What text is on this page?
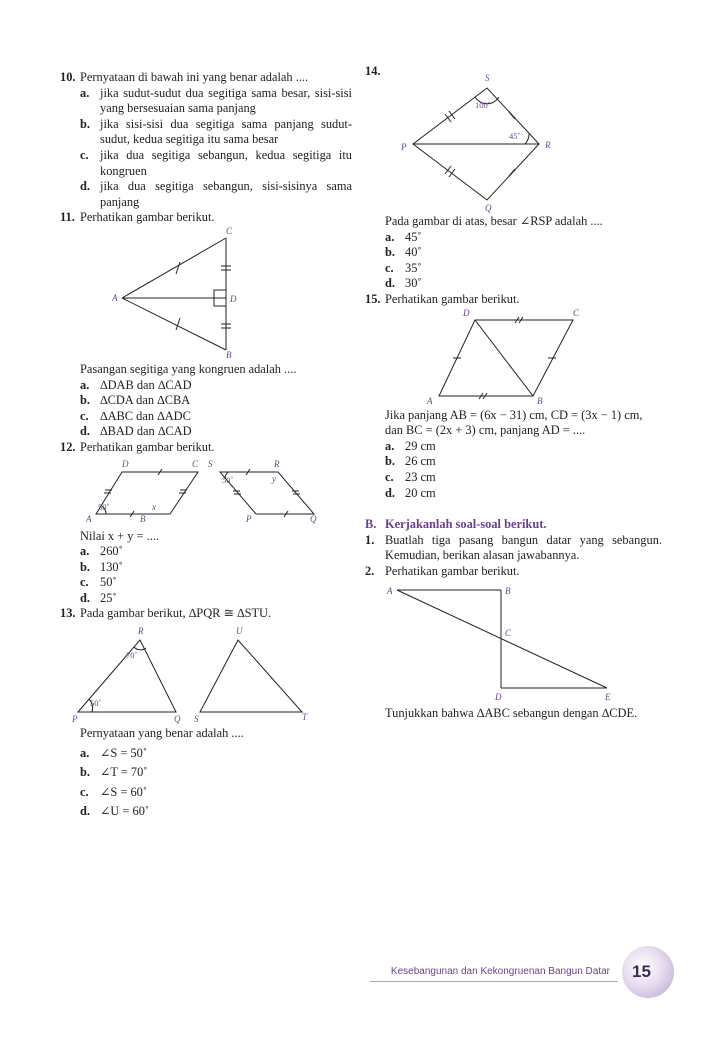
10. Pernyataan di bawah ini yang benar adalah ....
a. jika sudut-sudut dua segitiga sama besar, sisi-sisi yang bersesuaian sama panjang
b. jika sisi-sisi dua segitiga sama panjang sudut-sudut, kedua segitiga itu sama besar
c. jika dua segitiga sebangun, kedua segitiga itu kongruen
d. jika dua segitiga sebangun, sisi-sisinya sama panjang
11. Perhatikan gambar berikut.
C
A	D
B
Pasangan segitiga yang kongruen adalah ....
a. ∆DAB dan ∆CAD
b. ∆CDA dan ∆CBA
c. ∆ABC dan ∆ADC
d. ∆BAD dan ∆CAD
12. Perhatikan gambar berikut.
D	C
A	B
50˚	x
S	R
50˚	y
P	Q
Nilai x + y = ....
a. 260˚
b. 130˚
c. 50˚
d. 25˚
13. Pada gambar berikut, ∆PQR ≅ ∆STU.
R	U
70˚
50˚
P	Q S	T
Pernyataan yang benar adalah ....
a. ∠S = 50˚
b. ∠T = 70˚
c. ∠S = 60˚
d. ∠U = 60˚
14.	S
100˚
P
45˚
R
Q
Pada gambar di atas, besar ∠RSP adalah ....
a. 45˚
b. 40˚
c. 35˚
d. 30˚
15. Perhatikan gambar berikut.
D	C
A	B
Jika panjang AB = (6x − 31) cm, CD = (3x − 1) cm, dan BC = (2x + 3) cm, panjang AD = ....
a. 29 cm
b. 26 cm
c. 23 cm
d. 20 cm
B. Kerjakanlah soal-soal berikut.
1. Buatlah tiga pasang bangun datar yang sebangun. Kemudian, berikan alasan jawabannya.
2. Perhatikan gambar berikut.
A	B
C
D	E
Tunjukkan bahwa ∆ABC sebangun dengan ∆CDE.
Kesebangunan dan Kekongruenan Bangun Datar 15
